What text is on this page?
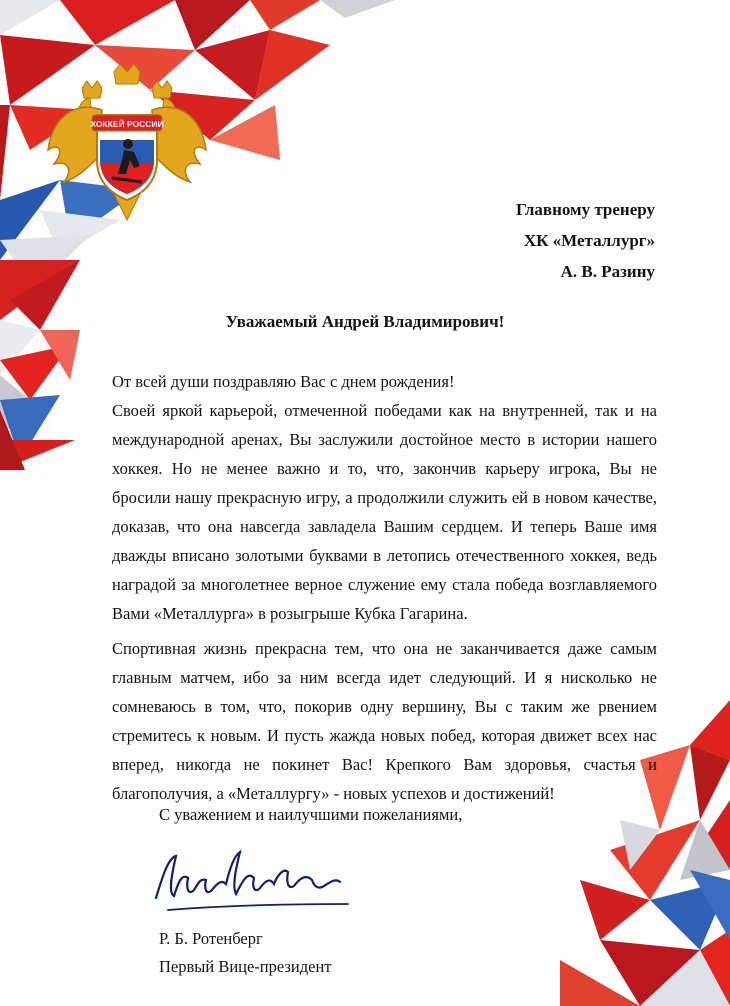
ХОККЕЙ РОССИИ
Главному тренеру
ХК «Металлург»
А. В. Разину
Уважаемый Андрей Владимирович!

От всей души поздравляю Вас с днем рождения!

Своей яркой карьерой, отмеченной победами как на внутренней, так и на международной аренах, Вы заслужили достойное место в истории нашего хоккея. Но не менее важно и то, что, закончив карьеру игрока, Вы не бросили нашу прекрасную игру, а продолжили служить ей в новом качестве, доказав, что она навсегда завладела Вашим сердцем. И теперь Ваше имя дважды вписано золотыми буквами в летопись отечественного хоккея, ведь наградой за многолетнее верное служение ему стала победа возглавляемого Вами «Металлурга» в розыгрыше Кубка Гагарина.

Спортивная жизнь прекрасна тем, что она не заканчивается даже самым главным матчем, ибо за ним всегда идет следующий. И я нисколько не сомневаюсь в том, что, покорив одну вершину, Вы с таким же рвением стремитесь к новым. И пусть жажда новых побед, которая движет всех нас вперед, никогда не покинет Вас! Крепкого Вам здоровья, счастья и благополучия, а «Металлургу» - новых успехов и достижений!

С уважением и наилучшими пожеланиями,
Р. Б. Ротенберг
Первый Вице-президент
